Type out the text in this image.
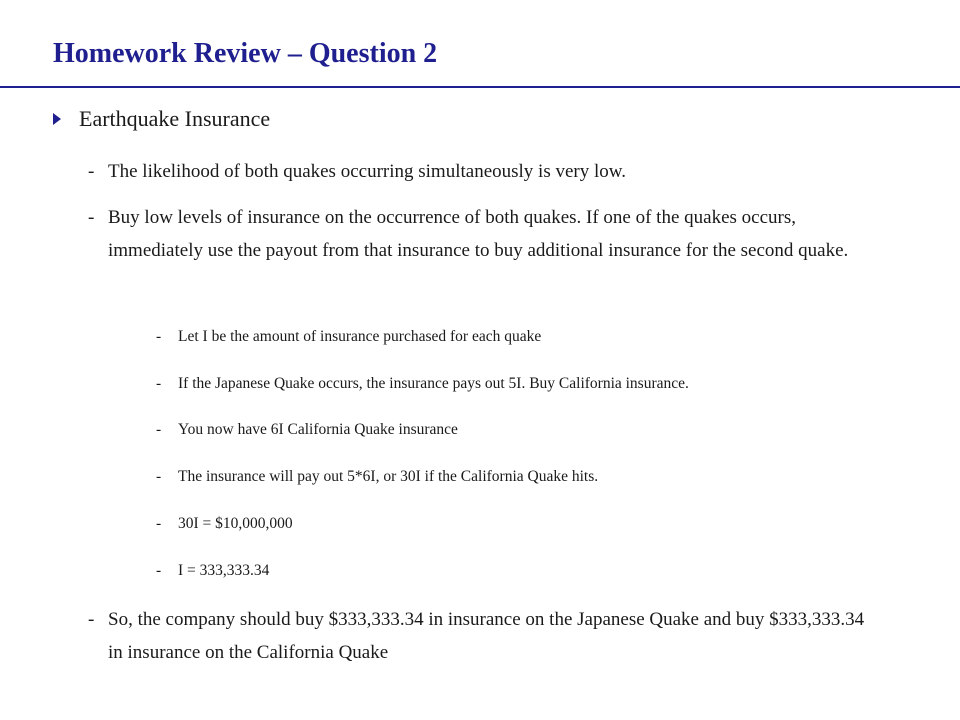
Homework Review – Question 2
Earthquake Insurance
- The likelihood of both quakes occurring simultaneously is very low.
- Buy low levels of insurance on the occurrence of both quakes. If one of the quakes occurs, immediately use the payout from that insurance to buy additional insurance for the second quake.
-	Let I be the amount of insurance purchased for each quake
-	If the Japanese Quake occurs, the insurance pays out 5I. Buy California insurance.
-	You now have 6I California Quake insurance
-	The insurance will pay out 5*6I, or 30I if the California Quake hits.
-	30I = $10,000,000
-	I = 333,333.34
- So, the company should buy $333,333.34 in insurance on the Japanese Quake and buy $333,333.34 in insurance on the California Quake
